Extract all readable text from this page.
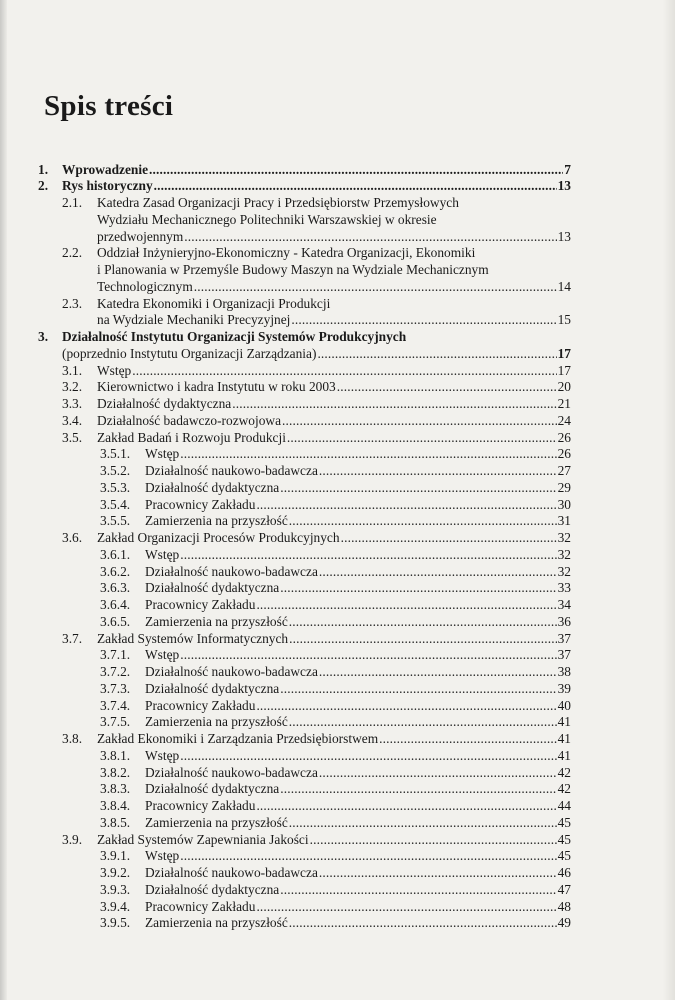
Spis treści
1. Wprowadzenie . . .	7
2. Rys historyczny . . .	13
2.1. Katedra Zasad Organizacji Pracy i Przedsiębiorstw Przemysłowych
Wydziału Mechanicznego Politechniki Warszawskiej w okresie
przedwojennym . . .	13
2.2. Oddział Inżynieryjno-Ekonomiczny - Katedra Organizacji, Ekonomiki
i Planowania w Przemyśle Budowy Maszyn na Wydziale Mechanicznym
Technologicznym . . .	14
2.3. Katedra Ekonomiki i Organizacji Produkcji
na Wydziale Mechaniki Precyzyjnej . . .	15
3. Działalność Instytutu Organizacji Systemów Produkcyjnych
(poprzednio Instytutu Organizacji Zarządzania) . . .	17
3.1. Wstęp . . .	17
3.2. Kierownictwo i kadra Instytutu w roku 2003 . . .	20
3.3. Działalność dydaktyczna . . .	21
3.4. Działalność badawczo-rozwojowa . . .	24
3.5. Zakład Badań i Rozwoju Produkcji . . .	26
3.5.1. Wstęp . . .	26
3.5.2. Działalność naukowo-badawcza . . .	27
3.5.3. Działalność dydaktyczna . . .	29
3.5.4. Pracownicy Zakładu . . .	30
3.5.5. Zamierzenia na przyszłość . . .	31
3.6. Zakład Organizacji Procesów Produkcyjnych . . .	32
3.6.1. Wstęp . . .	32
3.6.2. Działalność naukowo-badawcza . . .	32
3.6.3. Działalność dydaktyczna . . .	33
3.6.4. Pracownicy Zakładu . . .	34
3.6.5. Zamierzenia na przyszłość . . .	36
3.7. Zakład Systemów Informatycznych . . .	37
3.7.1. Wstęp . . .	37
3.7.2. Działalność naukowo-badawcza . . .	38
3.7.3. Działalność dydaktyczna . . .	39
3.7.4. Pracownicy Zakładu . . .	40
3.7.5. Zamierzenia na przyszłość . . .	41
3.8. Zakład Ekonomiki i Zarządzania Przedsiębiorstwem . . .	41
3.8.1. Wstęp . . .	41
3.8.2. Działalność naukowo-badawcza . . .	42
3.8.3. Działalność dydaktyczna . . .	42
3.8.4. Pracownicy Zakładu . . .	44
3.8.5. Zamierzenia na przyszłość . . .	45
3.9. Zakład Systemów Zapewniania Jakości . . .	45
3.9.1. Wstęp . . .	45
3.9.2. Działalność naukowo-badawcza . . .	46
3.9.3. Działalność dydaktyczna . . .	47
3.9.4. Pracownicy Zakładu . . .	48
3.9.5. Zamierzenia na przyszłość . . .	49
